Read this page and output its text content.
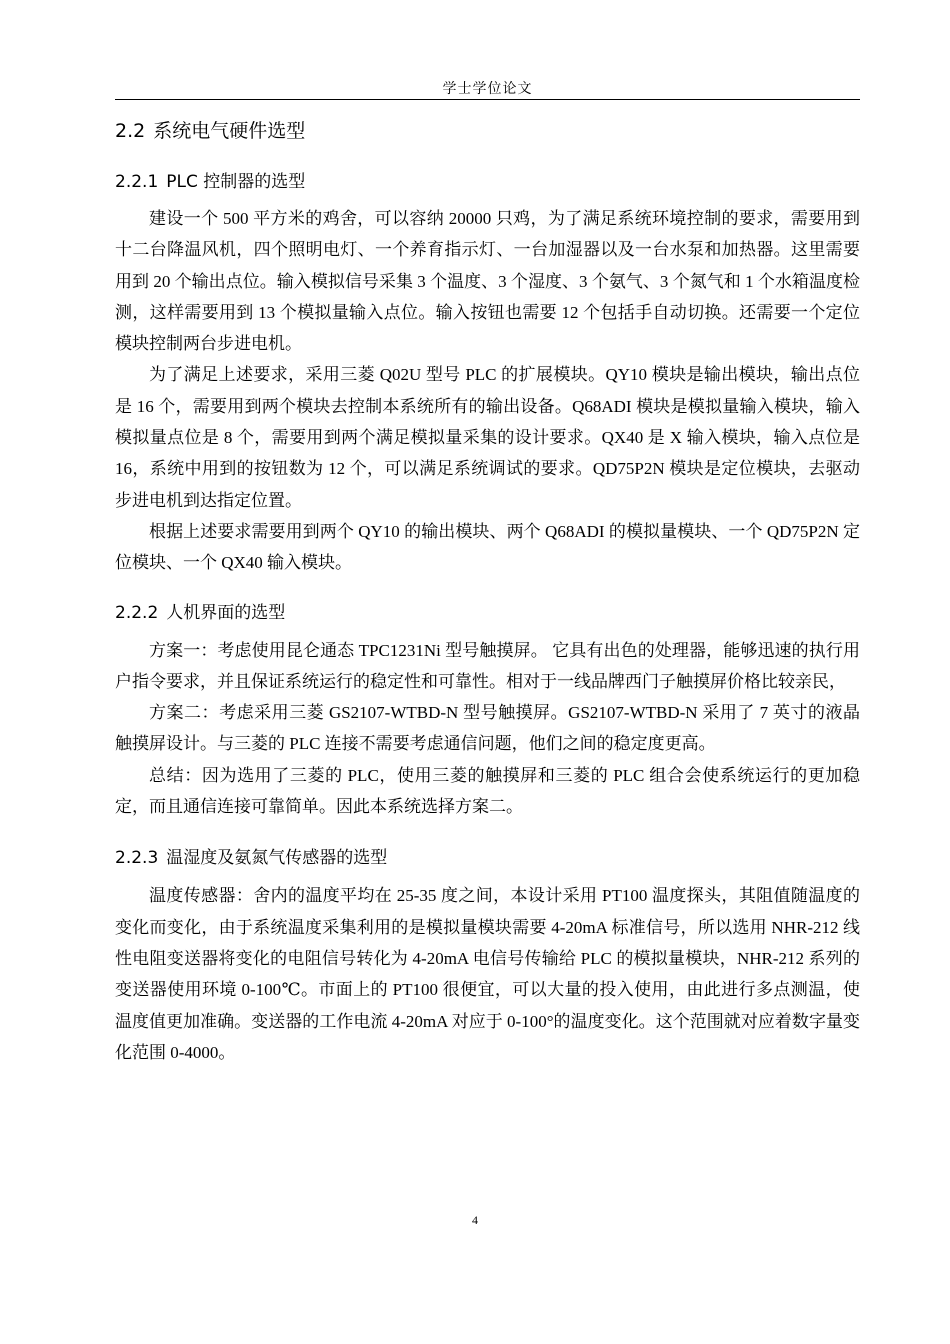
学士学位论文
2.2 系统电气硬件选型
2.2.1 PLC 控制器的选型

建设一个 500 平方米的鸡舍，可以容纳 20000 只鸡，为了满足系统环境控制的要求，需要用到十二台降温风机，四个照明电灯、一个养育指示灯、一台加湿器以及一台水泵和加热器。这里需要用到 20 个输出点位。输入模拟信号采集 3 个温度、3 个湿度、3 个氨气、3 个氮气和 1 个水箱温度检测，这样需要用到 13 个模拟量输入点位。输入按钮也需要 12 个包括手自动切换。还需要一个定位模块控制两台步进电机。

为了满足上述要求，采用三菱 Q02U 型号 PLC 的扩展模块。QY10 模块是输出模块，输出点位是 16 个，需要用到两个模块去控制本系统所有的输出设备。Q68ADI 模块是模拟量输入模块，输入模拟量点位是 8 个，需要用到两个满足模拟量采集的设计要求。QX40 是 X 输入模块，输入点位是 16，系统中用到的按钮数为 12 个，可以满足系统调试的要求。QD75P2N 模块是定位模块，去驱动步进电机到达指定位置。

根据上述要求需要用到两个 QY10 的输出模块、两个 Q68ADI 的模拟量模块、一个 QD75P2N 定位模块、一个 QX40 输入模块。

2.2.2 人机界面的选型

方案一：考虑使用昆仑通态 TPC1231Ni 型号触摸屏。 它具有出色的处理器，能够迅速的执行用户指令要求，并且保证系统运行的稳定性和可靠性。相对于一线品牌西门子触摸屏价格比较亲民，

方案二：考虑采用三菱 GS2107-WTBD-N 型号触摸屏。GS2107-WTBD-N 采用了 7 英寸的液晶触摸屏设计。与三菱的 PLC 连接不需要考虑通信问题，他们之间的稳定度更高。

总结：因为选用了三菱的 PLC，使用三菱的触摸屏和三菱的 PLC 组合会使系统运行的更加稳定，而且通信连接可靠简单。因此本系统选择方案二。

2.2.3 温湿度及氨氮气传感器的选型

温度传感器：舍内的温度平均在 25-35 度之间，本设计采用 PT100 温度探头，其阻值随温度的变化而变化，由于系统温度采集利用的是模拟量模块需要 4-20mA 标准信号，所以选用 NHR-212 线性电阻变送器将变化的电阻信号转化为 4-20mA 电信号传输给 PLC 的模拟量模块，NHR-212 系列的变送器使用环境 0-100℃。市面上的 PT100 很便宜，可以大量的投入使用，由此进行多点测温，使温度值更加准确。变送器的工作电流 4-20mA 对应于 0-100°的温度变化。这个范围就对应着数字量变化范围 0-4000。

4
